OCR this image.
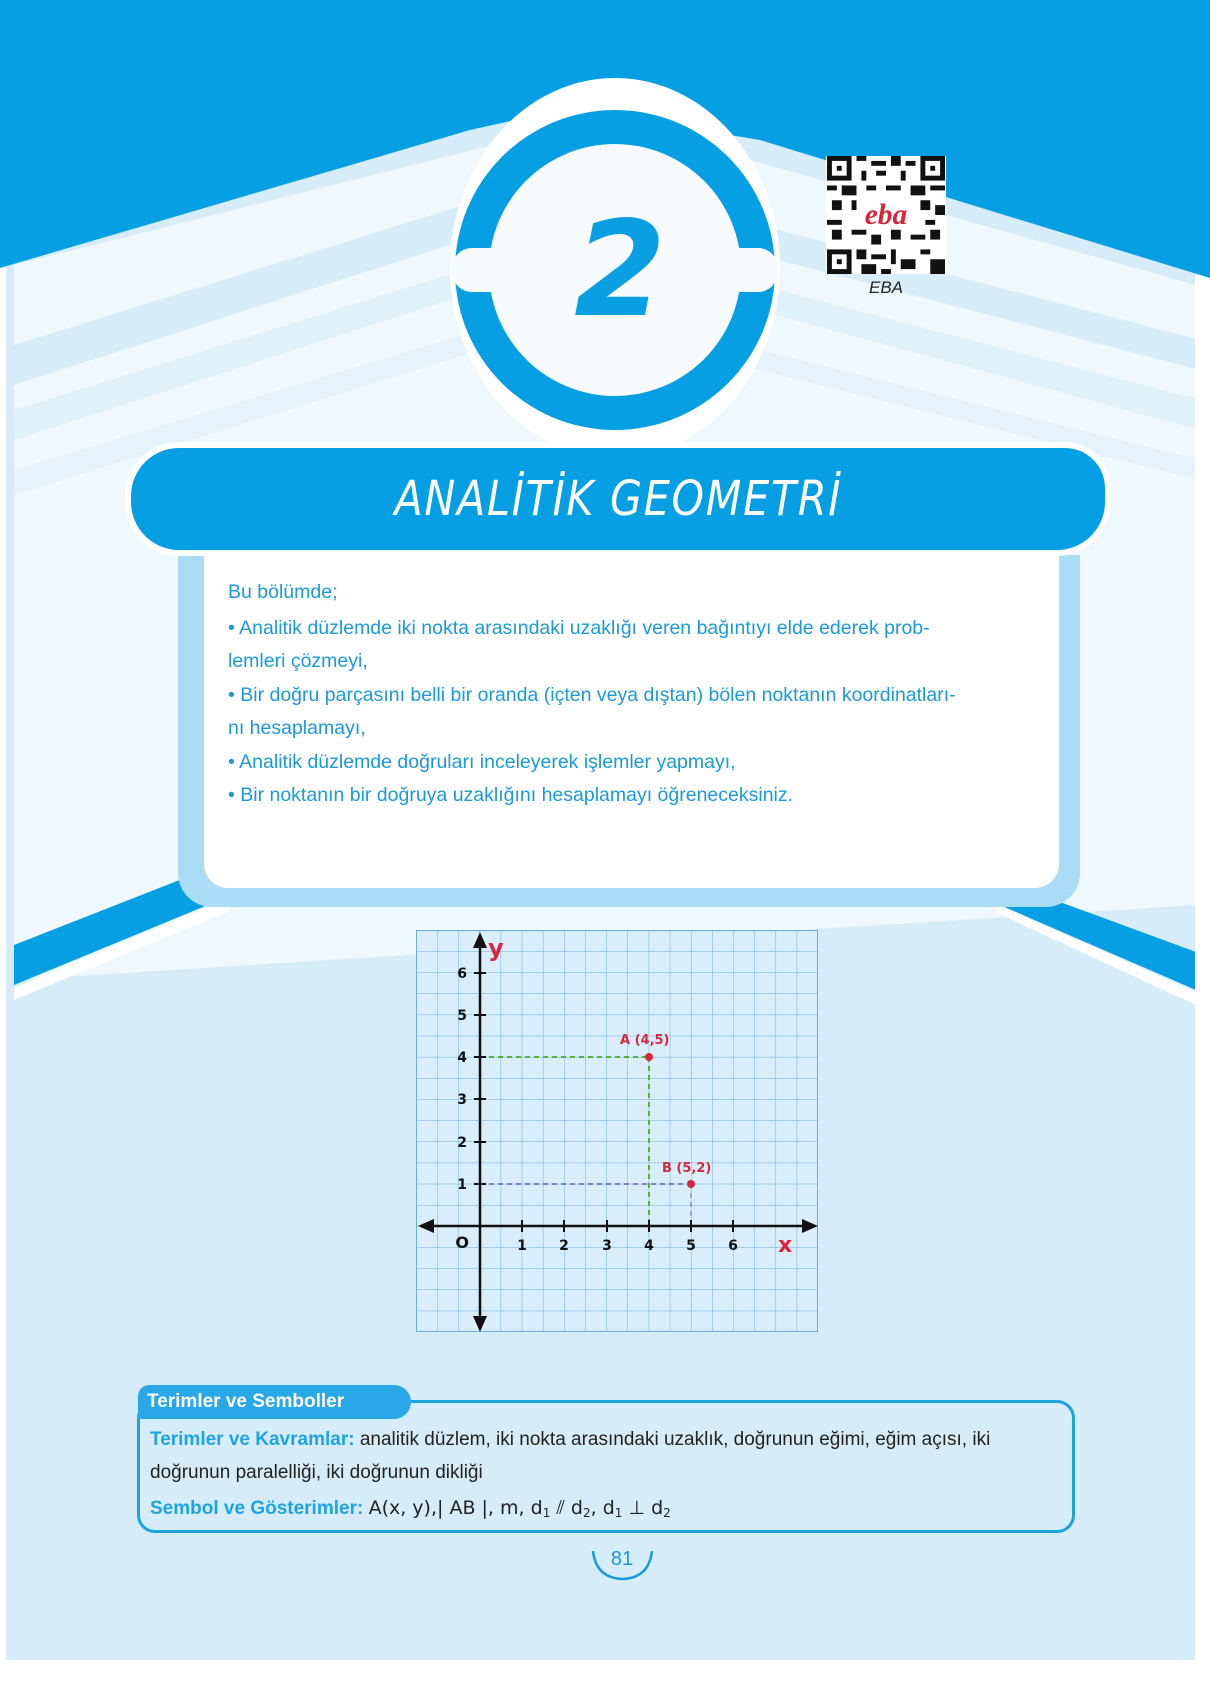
2	eba
EBA
ANALİTİK GEOMETRİ

Bu bölümde;

• Analitik düzlemde iki nokta arasındaki uzaklığı veren bağıntıyı elde ederek prob-

lemleri çözmeyi,

• Bir doğru parçasını belli bir oranda (içten veya dıştan) bölen noktanın koordinatları-

nı hesaplamayı,

• Analitik düzlemde doğruları inceleyerek işlemler yapmayı,

• Bir noktanın bir doğruya uzaklığını hesaplamayı öğreneceksiniz.

1 2 3 4 5 6
1
2
3
4
5
6
O
y
x
A (4,5)
B (5,2)
Terimler ve Semboller
Terimler ve Kavramlar: analitik düzlem, iki nokta arasındaki uzaklık, doğrunun eğimi, eğim açısı, iki
doğrunun paralelliği, iki doğrunun dikliği
Sembol ve Gösterimler: A(x, y),| AB |, m, $d_1$ ⫽ $d_2$, $d_1$ ⊥ $d_2$
81
